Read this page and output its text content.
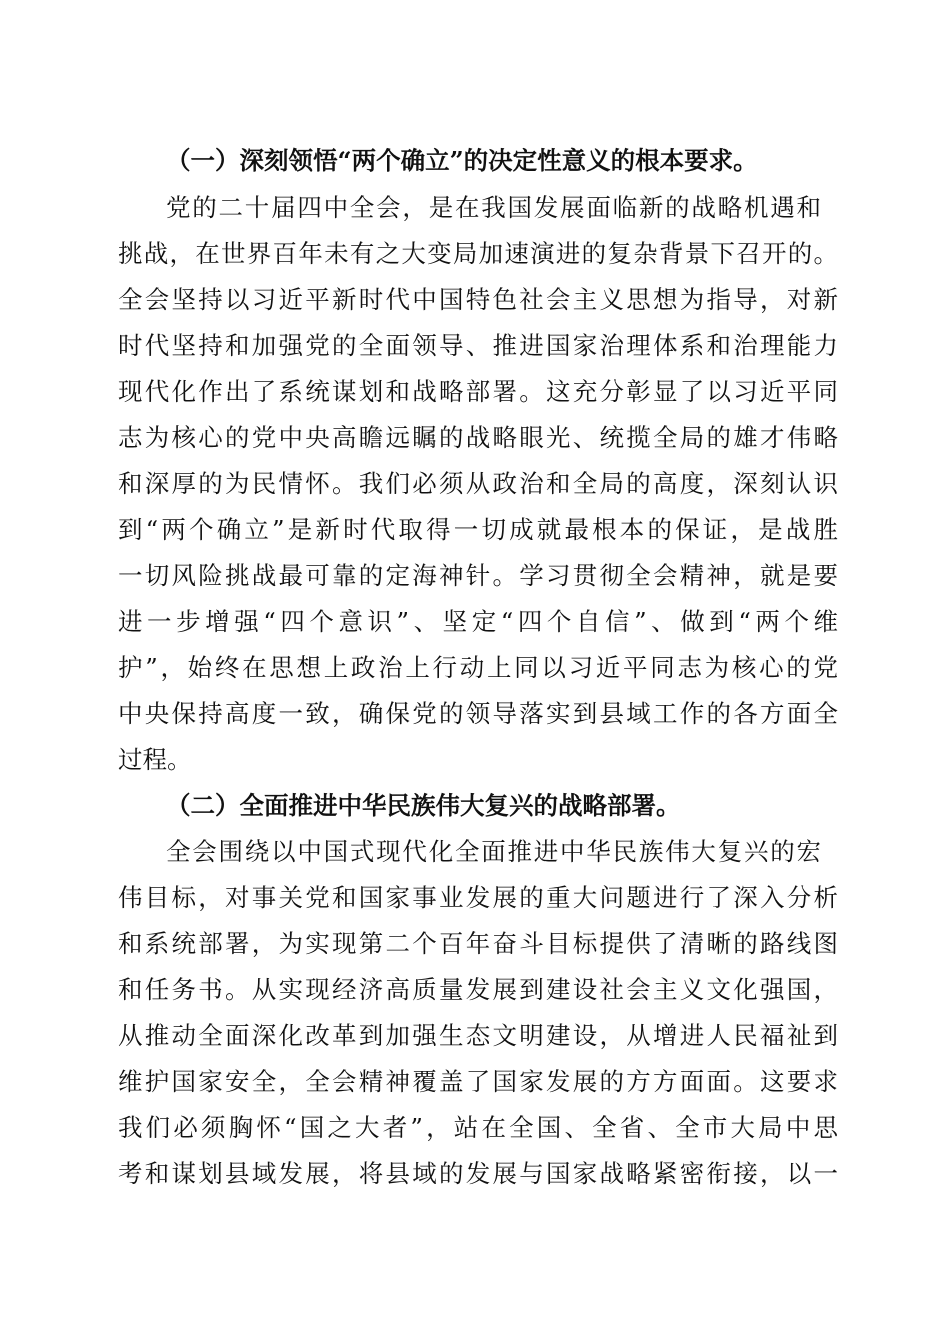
（一）深刻领悟“两个确立”的决定性意义的根本要求。
党的二十届四中全会，是在我国发展面临新的战略机遇和
挑战，在世界百年未有之大变局加速演进的复杂背景下召开的。
全会坚持以习近平新时代中国特色社会主义思想为指导，对新
时代坚持和加强党的全面领导、推进国家治理体系和治理能力
现代化作出了系统谋划和战略部署。这充分彰显了以习近平同
志为核心的党中央高瞻远瞩的战略眼光、统揽全局的雄才伟略
和深厚的为民情怀。我们必须从政治和全局的高度，深刻认识
到“两个确立”是新时代取得一切成就最根本的保证，是战胜
一切风险挑战最可靠的定海神针。学习贯彻全会精神，就是要
进一步增强“四个意识”、坚定“四个自信”、做到“两个维
护”，始终在思想上政治上行动上同以习近平同志为核心的党
中央保持高度一致，确保党的领导落实到县域工作的各方面全
过程。
（二）全面推进中华民族伟大复兴的战略部署。
全会围绕以中国式现代化全面推进中华民族伟大复兴的宏
伟目标，对事关党和国家事业发展的重大问题进行了深入分析
和系统部署，为实现第二个百年奋斗目标提供了清晰的路线图
和任务书。从实现经济高质量发展到建设社会主义文化强国，
从推动全面深化改革到加强生态文明建设，从增进人民福祉到
维护国家安全，全会精神覆盖了国家发展的方方面面。这要求
我们必须胸怀“国之大者”，站在全国、全省、全市大局中思
考和谋划县域发展，将县域的发展与国家战略紧密衔接，以一
